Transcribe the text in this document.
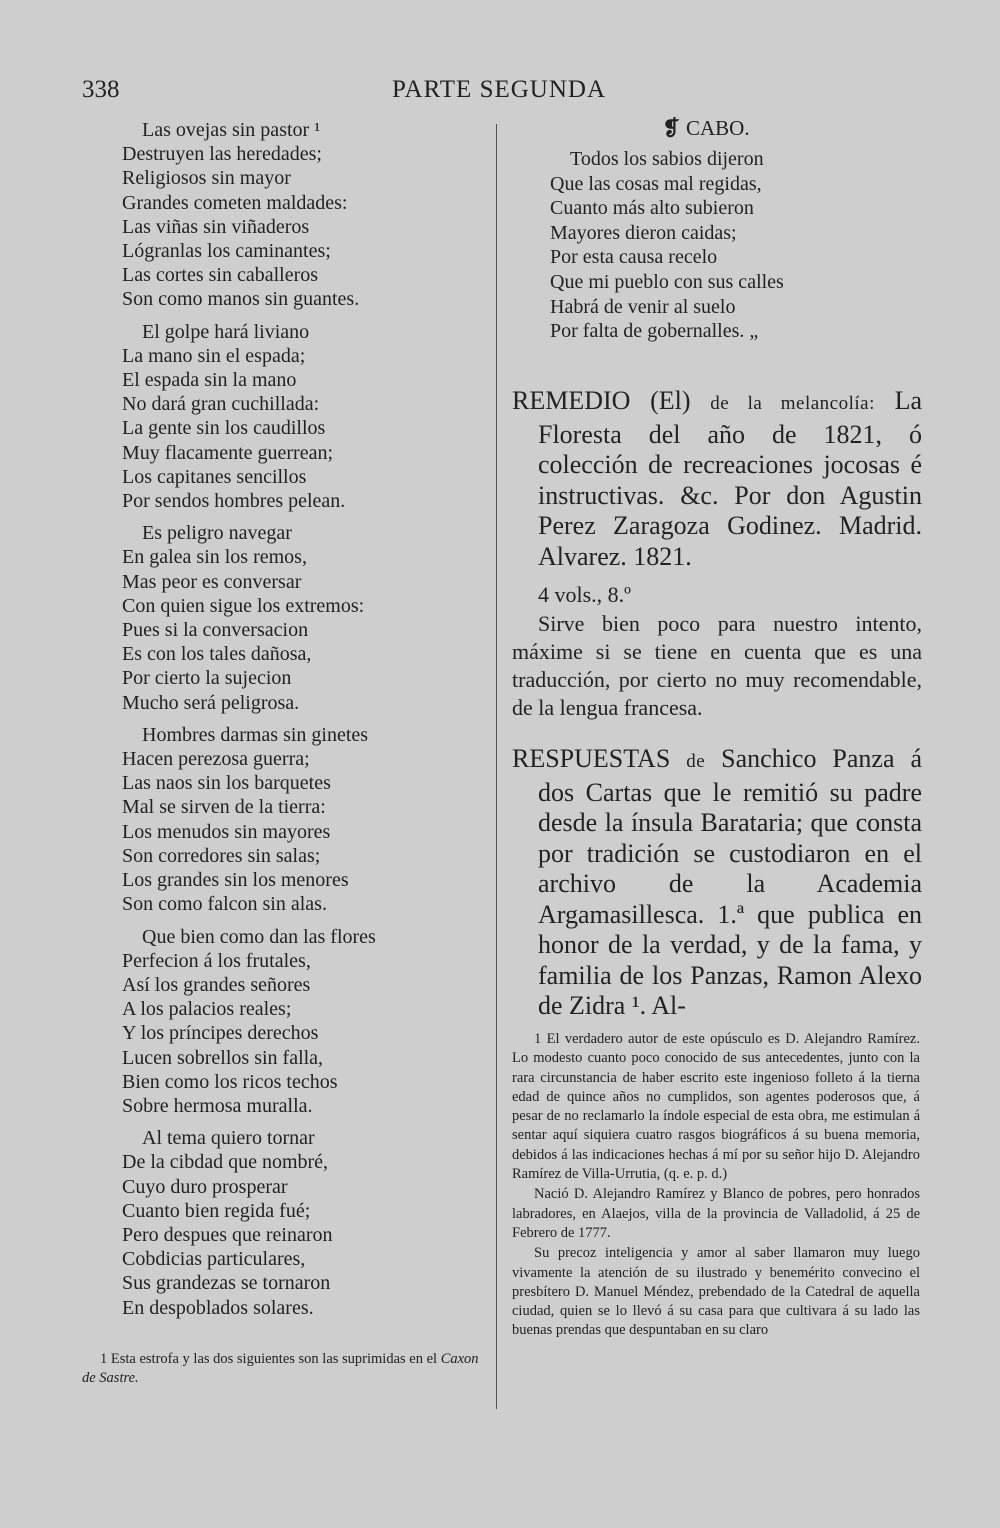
338	PARTE SEGUNDA
Las ovejas sin pastor ¹
Destruyen las heredades;
Religiosos sin mayor
Grandes cometen maldades:
Las viñas sin viñaderos
Lógranlas los caminantes;
Las cortes sin caballeros
Son como manos sin guantes.
El golpe hará liviano
La mano sin el espada;
El espada sin la mano
No dará gran cuchillada:
La gente sin los caudillos
Muy flacamente guerrean;
Los capitanes sencillos
Por sendos hombres pelean.
Es peligro navegar
En galea sin los remos,
Mas peor es conversar
Con quien sigue los extremos:
Pues si la conversacion
Es con los tales dañosa,
Por cierto la sujecion
Mucho será peligrosa.
Hombres darmas sin ginetes
Hacen perezosa guerra;
Las naos sin los barquetes
Mal se sirven de la tierra:
Los menudos sin mayores
Son corredores sin salas;
Los grandes sin los menores
Son como falcon sin alas.
Que bien como dan las flores
Perfecion á los frutales,
Así los grandes señores
A los palacios reales;
Y los príncipes derechos
Lucen sobrellos sin falla,
Bien como los ricos techos
Sobre hermosa muralla.
Al tema quiero tornar
De la cibdad que nombré,
Cuyo duro prosperar
Cuanto bien regida fué;
Pero despues que reinaron
Cobdicias particulares,
Sus grandezas se tornaron
En despoblados solares.
1 Esta estrofa y las dos siguientes son las suprimidas en el Caxon de Sastre.
❡ CABO.
Todos los sabios dijeron
Que las cosas mal regidas,
Cuanto más alto subieron
Mayores dieron caidas;
Por esta causa recelo
Que mi pueblo con sus calles
Habrá de venir al suelo
Por falta de gobernalles. „
REMEDIO (El) de la melancolía: La Floresta del año de 1821, ó colección de recreaciones jocosas é instructivas. &c. Por don Agustin Perez Zaragoza Godinez. Madrid. Alvarez. 1821.
4 vols., 8.º
Sirve bien poco para nuestro intento, máxime si se tiene en cuenta que es una traducción, por cierto no muy recomendable, de la lengua francesa.
RESPUESTAS de Sanchico Panza á dos Cartas que le remitió su padre desde la ínsula Barataria; que consta por tradición se custodiaron en el archivo de la Academia Argamasillesca. 1.ª que publica en honor de la verdad, y de la fama, y familia de los Panzas, Ramon Alexo de Zidra ¹. Al-
1 El verdadero autor de este opúsculo es D. Alejandro Ramírez. Lo modesto cuanto poco conocido de sus antecedentes, junto con la rara circunstancia de haber escrito este ingenioso folleto á la tierna edad de quince años no cumplidos, son agentes poderosos que, á pesar de no reclamarlo la índole especial de esta obra, me estimulan á sentar aquí siquiera cuatro rasgos biográficos á su buena memoria, debidos á las indicaciones hechas á mí por su señor hijo D. Alejandro Ramírez de Villa-Urrutia, (q. e. p. d.)
Nació D. Alejandro Ramírez y Blanco de pobres, pero honrados labradores, en Alaejos, villa de la provincia de Valladolid, á 25 de Febrero de 1777.
Su precoz inteligencia y amor al saber llamaron muy luego vivamente la atención de su ilustrado y benemérito convecino el presbítero D. Manuel Méndez, prebendado de la Catedral de aquella ciudad, quien se lo llevó á su casa para que cultivara á su lado las buenas prendas que despuntaban en su claro
